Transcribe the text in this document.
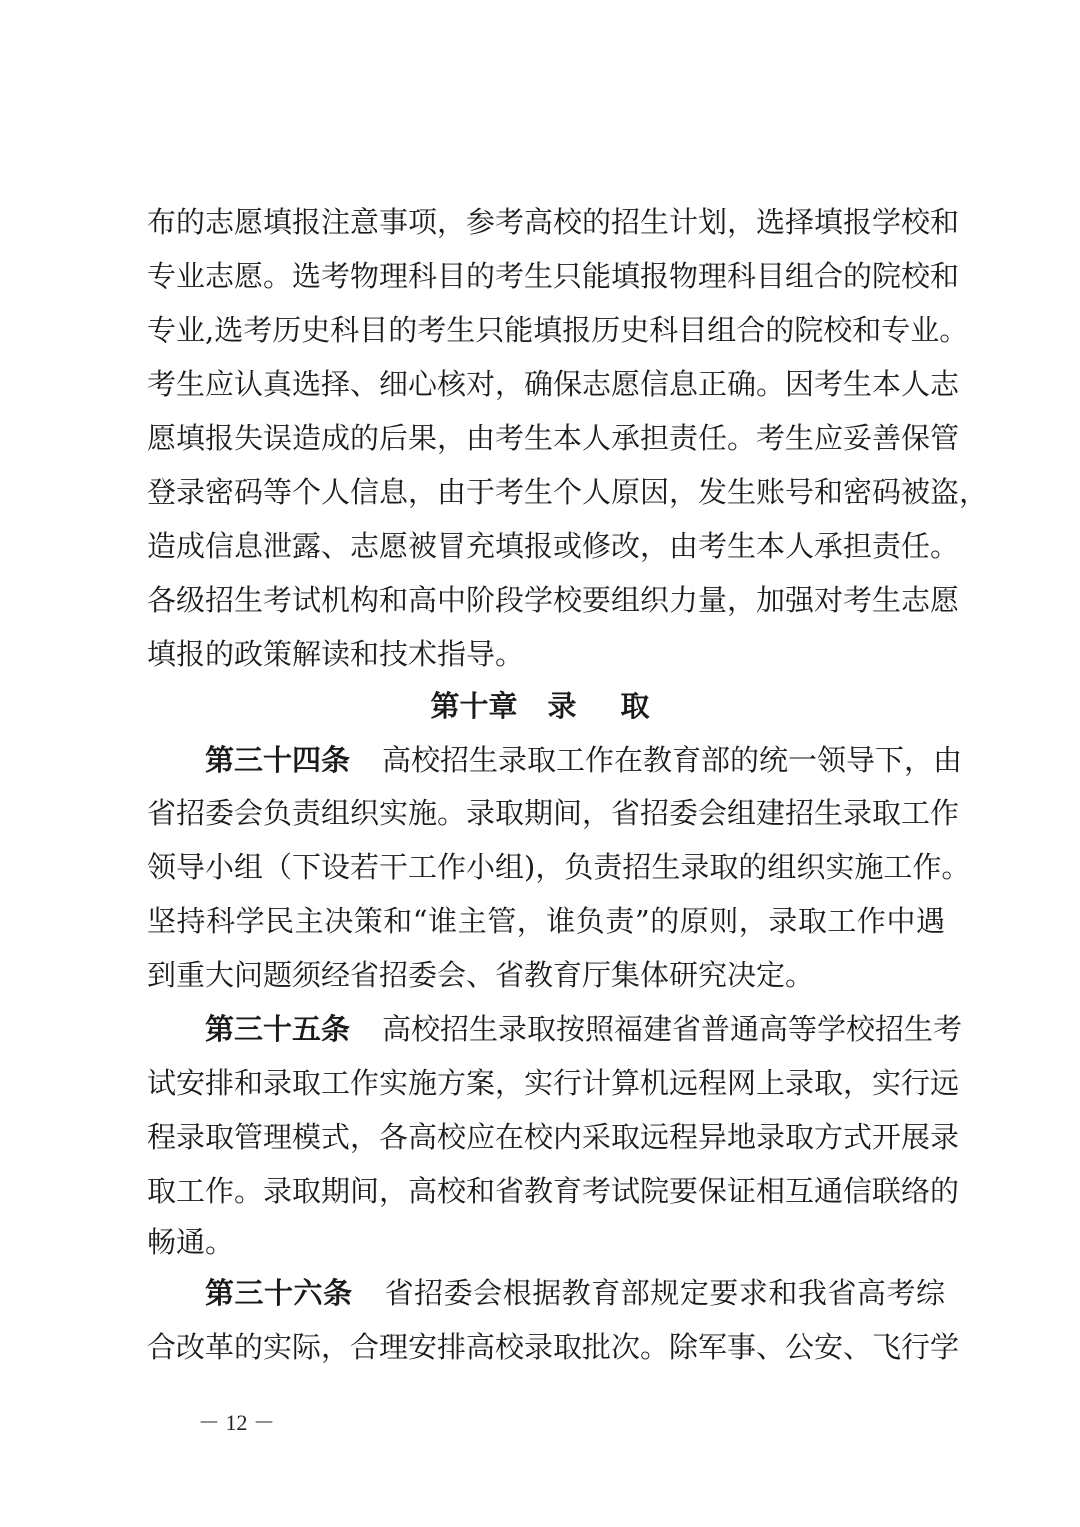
布的志愿填报注意事项，参考高校的招生计划，选择填报学校和
专业志愿。选考物理科目的考生只能填报物理科目组合的院校和
专业,选考历史科目的考生只能填报历史科目组合的院校和专业。
考生应认真选择、细心核对，确保志愿信息正确。因考生本人志
愿填报失误造成的后果，由考生本人承担责任。考生应妥善保管
登录密码等个人信息，由于考生个人原因，发生账号和密码被盗，
造成信息泄露、志愿被冒充填报或修改，由考生本人承担责任。
各级招生考试机构和高中阶段学校要组织力量，加强对考生志愿
填报的政策解读和技术指导。
第十章 录 取
第三十四条 高校招生录取工作在教育部的统一领导下，由
省招委会负责组织实施。录取期间，省招委会组建招生录取工作
领导小组（下设若干工作小组)，负责招生录取的组织实施工作。
坚持科学民主决策和“谁主管，谁负责”的原则，录取工作中遇
到重大问题须经省招委会、省教育厅集体研究决定。
第三十五条 高校招生录取按照福建省普通高等学校招生考
试安排和录取工作实施方案，实行计算机远程网上录取，实行远
程录取管理模式，各高校应在校内采取远程异地录取方式开展录
取工作。录取期间，高校和省教育考试院要保证相互通信联络的
畅通。
第三十六条 省招委会根据教育部规定要求和我省高考综
合改革的实际，合理安排高校录取批次。除军事、公安、飞行学
－ 12 －
